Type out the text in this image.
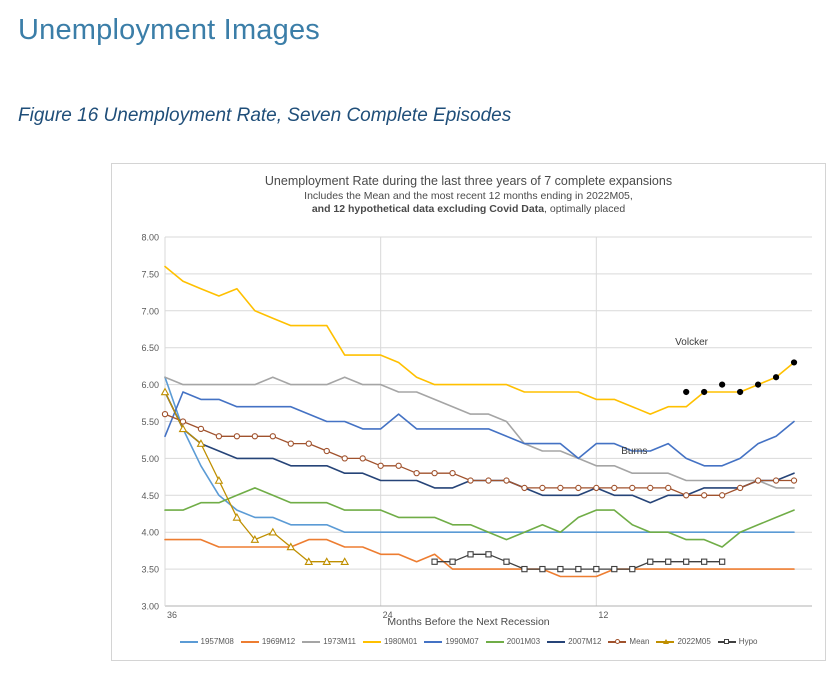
Unemployment Images
Figure 16 Unemployment Rate, Seven Complete Episodes
Unemployment Rate during the last three years of 7 complete expansions
Includes the Mean and the most recent 12 months ending in 2022M05,
and 12 hypothetical data excluding Covid Data, optimally placed
3.00
3.50
4.00
4.50
5.00
5.50
6.00
6.50
7.00
7.50
8.00
36	24	12
Volcker
Burns
Months Before the Next Recession
1957M08	1969M12	1973M11	1980M01	1990M07	2001M03	2007M12	Mean	2022M05	Hypo
